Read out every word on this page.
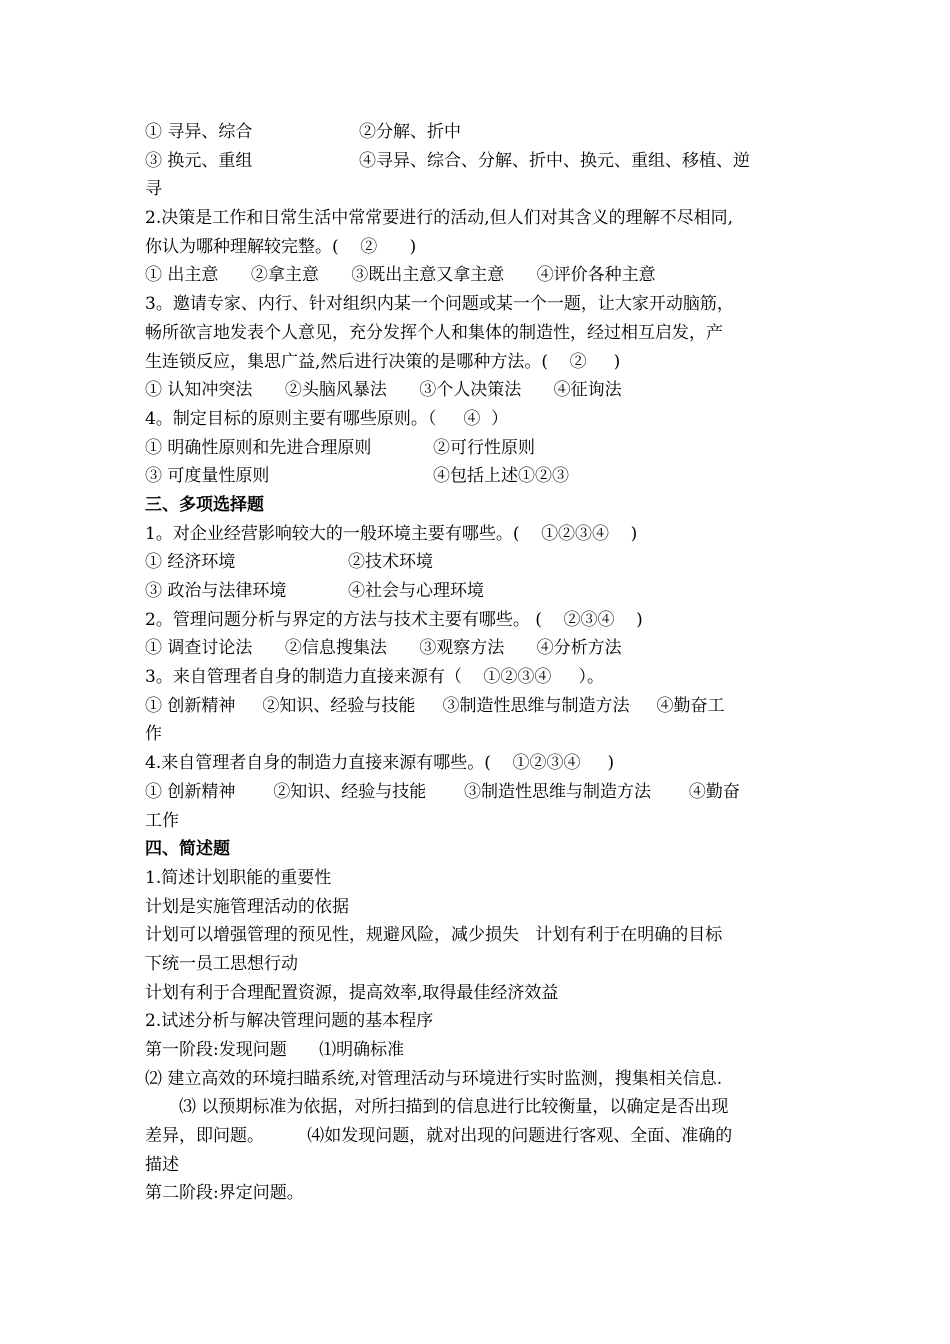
① 寻异、综合	②分解、折中
③ 换元、重组	④寻异、综合、分解、折中、换元、重组、移植、逆
寻
2.决策是工作和日常生活中常常要进行的活动,但人们对其含义的理解不尽相同,
你认为哪种理解较完整。(    ②      )
① 出主意      ②拿主意      ③既出主意又拿主意      ④评价各种主意
3。邀请专家、内行、针对组织内某一个问题或某一个一题，让大家开动脑筋，
畅所欲言地发表个人意见，充分发挥个人和集体的制造性，经过相互启发，产
生连锁反应，集思广益,然后进行决策的是哪种方法。(    ②     )
① 认知冲突法      ②头脑风暴法      ③个人决策法      ④征询法
4。制定目标的原则主要有哪些原则。（     ④  ）
① 明确性原则和先进合理原则	②可行性原则
③ 可度量性原则	④包括上述①②③
三、多项选择题
1。对企业经营影响较大的一般环境主要有哪些。(    ①②③④    )
① 经济环境	②技术环境
③ 政治与法律环境	④社会与心理环境
2。管理问题分析与界定的方法与技术主要有哪些。 (    ②③④    )
① 调查讨论法      ②信息搜集法      ③观察方法      ④分析方法
3。来自管理者自身的制造力直接来源有（    ①②③④     ）。
① 创新精神     ②知识、经验与技能     ③制造性思维与制造方法     ④勤奋工
作
4.来自管理者自身的制造力直接来源有哪些。(    ①②③④     )
① 创新精神       ②知识、经验与技能       ③制造性思维与制造方法       ④勤奋
工作
四、简述题
1.简述计划职能的重要性
计划是实施管理活动的依据
计划可以增强管理的预见性，规避风险，减少损失   计划有利于在明确的目标
下统一员工思想行动
计划有利于合理配置资源，提高效率,取得最佳经济效益
2.试述分析与解决管理问题的基本程序
第一阶段:发现问题      ⑴明确标准
⑵ 建立高效的环境扫瞄系统,对管理活动与环境进行实时监测，搜集相关信息.
⑶ 以预期标准为依据，对所扫描到的信息进行比较衡量，以确定是否出现
差异，即问题。        ⑷如发现问题，就对出现的问题进行客观、全面、准确的
描述
第二阶段:界定问题。
